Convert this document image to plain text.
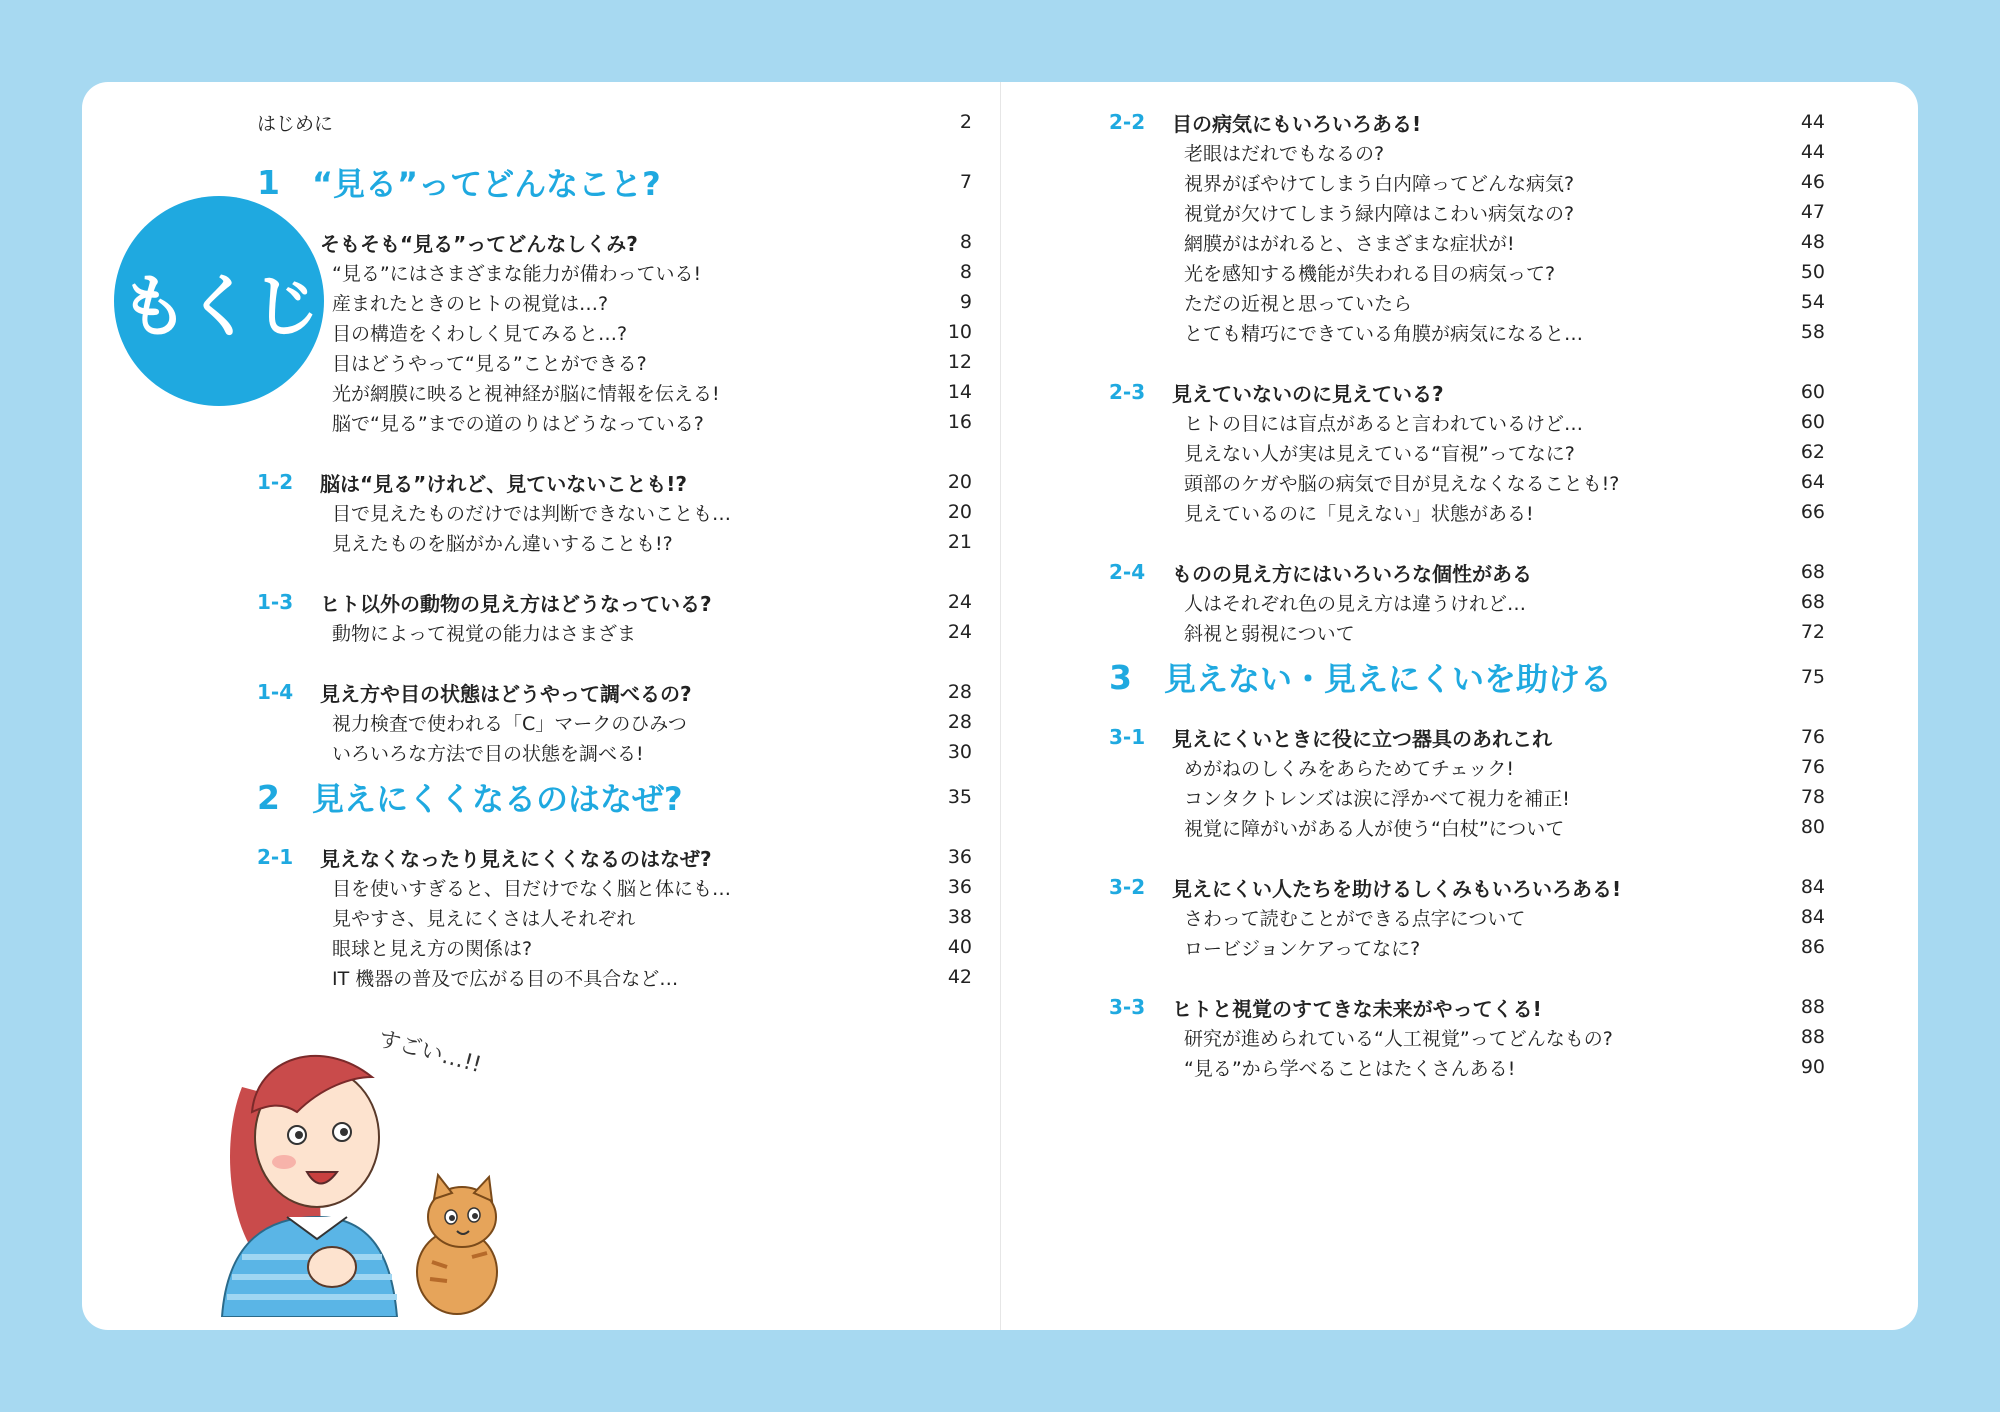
もくじ
はじめに	2
1	“見る”ってどんなこと?	7
そもそも“見る”ってどんなしくみ?	8
“見る”にはさまざまな能力が備わっている!	8
産まれたときのヒトの視覚は…?	9
目の構造をくわしく見てみると…?	10
目はどうやって“見る”ことができる?	12
光が網膜に映ると視神経が脳に情報を伝える!	14
脳で“見る”までの道のりはどうなっている?	16
1-2	脳は“見る”けれど、見ていないことも!?	20
目で見えたものだけでは判断できないことも…	20
見えたものを脳がかん違いすることも!?	21
1-3	ヒト以外の動物の見え方はどうなっている?	24
動物によって視覚の能力はさまざま	24
1-4	見え方や目の状態はどうやって調べるの?	28
視力検査で使われる「C」マークのひみつ	28
いろいろな方法で目の状態を調べる!	30
2	見えにくくなるのはなぜ?	35
2-1	見えなくなったり見えにくくなるのはなぜ?	36
目を使いすぎると、目だけでなく脳と体にも…	36
見やすさ、見えにくさは人それぞれ	38
眼球と見え方の関係は?	40
IT 機器の普及で広がる目の不具合など…	42
2-2	目の病気にもいろいろある!	44
老眼はだれでもなるの?	44
視界がぼやけてしまう白内障ってどんな病気?	46
視覚が欠けてしまう緑内障はこわい病気なの?	47
網膜がはがれると、さまざまな症状が!	48
光を感知する機能が失われる目の病気って?	50
ただの近視と思っていたら	54
とても精巧にできている角膜が病気になると…	58
2-3	見えていないのに見えている?	60
ヒトの目には盲点があると言われているけど…	60
見えない人が実は見えている“盲視”ってなに?	62
頭部のケガや脳の病気で目が見えなくなることも!?	64
見えているのに「見えない」状態がある!	66
2-4	ものの見え方にはいろいろな個性がある	68
人はそれぞれ色の見え方は違うけれど…	68
斜視と弱視について	72
3	見えない・見えにくいを助ける	75
3-1	見えにくいときに役に立つ器具のあれこれ	76
めがねのしくみをあらためてチェック!	76
コンタクトレンズは涙に浮かべて視力を補正!	78
視覚に障がいがある人が使う“白杖”について	80
3-2	見えにくい人たちを助けるしくみもいろいろある!	84
さわって読むことができる点字について	84
ロービジョンケアってなに?	86
3-3	ヒトと視覚のすてきな未来がやってくる!	88
研究が進められている“人工視覚”ってどんなもの?	88
“見る”から学べることはたくさんある!	90
すごい…!!
